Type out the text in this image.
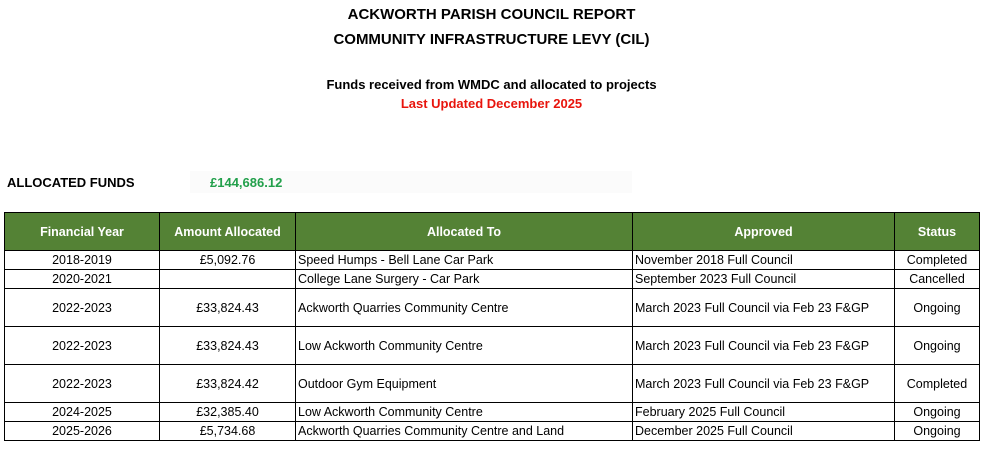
ACKWORTH PARISH COUNCIL REPORT
COMMUNITY INFRASTRUCTURE LEVY (CIL)
Funds received from WMDC and allocated to projects
Last Updated December 2025
ALLOCATED FUNDS	£144,686.12
Financial Year	Amount Allocated	Allocated To	Approved	Status
2018-2019	£5,092.76	Speed Humps - Bell Lane Car Park	November 2018 Full Council	Completed
2020-2021		College Lane Surgery - Car Park	September 2023 Full Council	Cancelled
2022-2023	£33,824.43	Ackworth Quarries Community Centre	March 2023 Full Council via Feb 23 F&GP	Ongoing
2022-2023	£33,824.43	Low Ackworth Community Centre	March 2023 Full Council via Feb 23 F&GP	Ongoing
2022-2023	£33,824.42	Outdoor Gym Equipment	March 2023 Full Council via Feb 23 F&GP	Completed
2024-2025	£32,385.40	Low Ackworth Community Centre	February 2025 Full Council	Ongoing
2025-2026	£5,734.68	Ackworth Quarries Community Centre and Land	December 2025 Full Council	Ongoing
